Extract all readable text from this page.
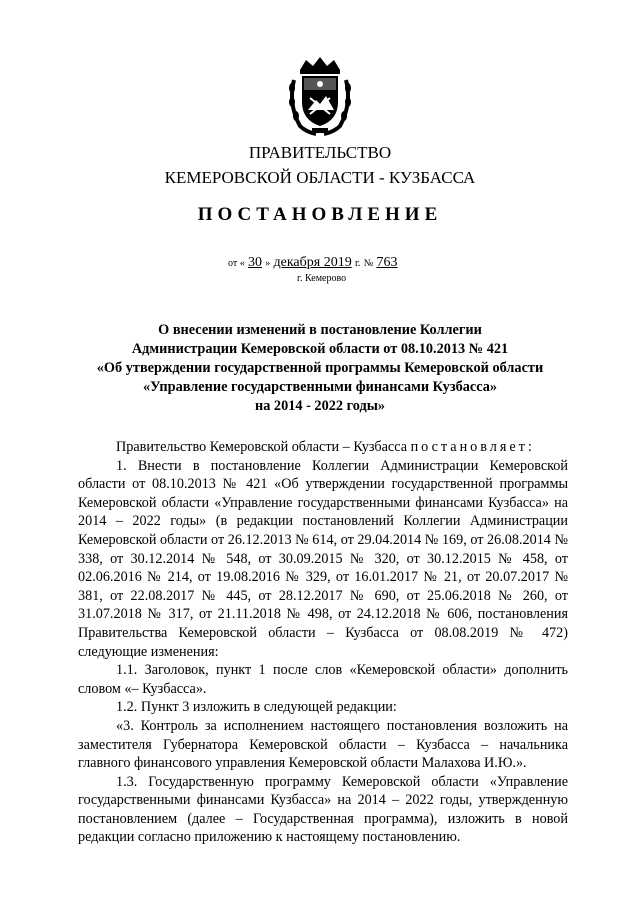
ПРАВИТЕЛЬСТВО
КЕМЕРОВСКОЙ ОБЛАСТИ - КУЗБАССА
ПОСТАНОВЛЕНИЕ
от « 30 » декабря 2019 г. № 763
г. Кемерово
О внесении изменений в постановление Коллегии
Администрации Кемеровской области от 08.10.2013 № 421
«Об утверждении государственной программы Кемеровской области
«Управление государственными финансами Кузбасса»
на 2014 - 2022 годы»

Правительство Кемеровской области – Кузбасса постановляет:

1. Внести в постановление Коллегии Администрации Кемеровской области от 08.10.2013 № 421 «Об утверждении государственной программы Кемеровской области «Управление государственными финансами Кузбасса» на 2014 – 2022 годы» (в редакции постановлений Коллегии Администрации Кемеровской области от 26.12.2013 № 614, от 29.04.2014 № 169, от 26.08.2014 № 338, от 30.12.2014 № 548, от 30.09.2015 № 320, от 30.12.2015 № 458, от 02.06.2016 № 214, от 19.08.2016 № 329, от 16.01.2017 № 21, от 20.07.2017 № 381, от 22.08.2017 № 445, от 28.12.2017 № 690, от 25.06.2018 № 260, от 31.07.2018 № 317, от 21.11.2018 № 498, от 24.12.2018 № 606, постановления Правительства Кемеровской области – Кузбасса от 08.08.2019 № 472) следующие изменения:

1.1. Заголовок, пункт 1 после слов «Кемеровской области» дополнить словом «– Кузбасса».

1.2. Пункт 3 изложить в следующей редакции:

«3. Контроль за исполнением настоящего постановления возложить на заместителя Губернатора Кемеровской области – Кузбасса – начальника главного финансового управления Кемеровской области Малахова И.Ю.».

1.3. Государственную программу Кемеровской области «Управление государственными финансами Кузбасса» на 2014 – 2022 годы, утвержденную постановлением (далее – Государственная программа), изложить в новой редакции согласно приложению к настоящему постановлению.
